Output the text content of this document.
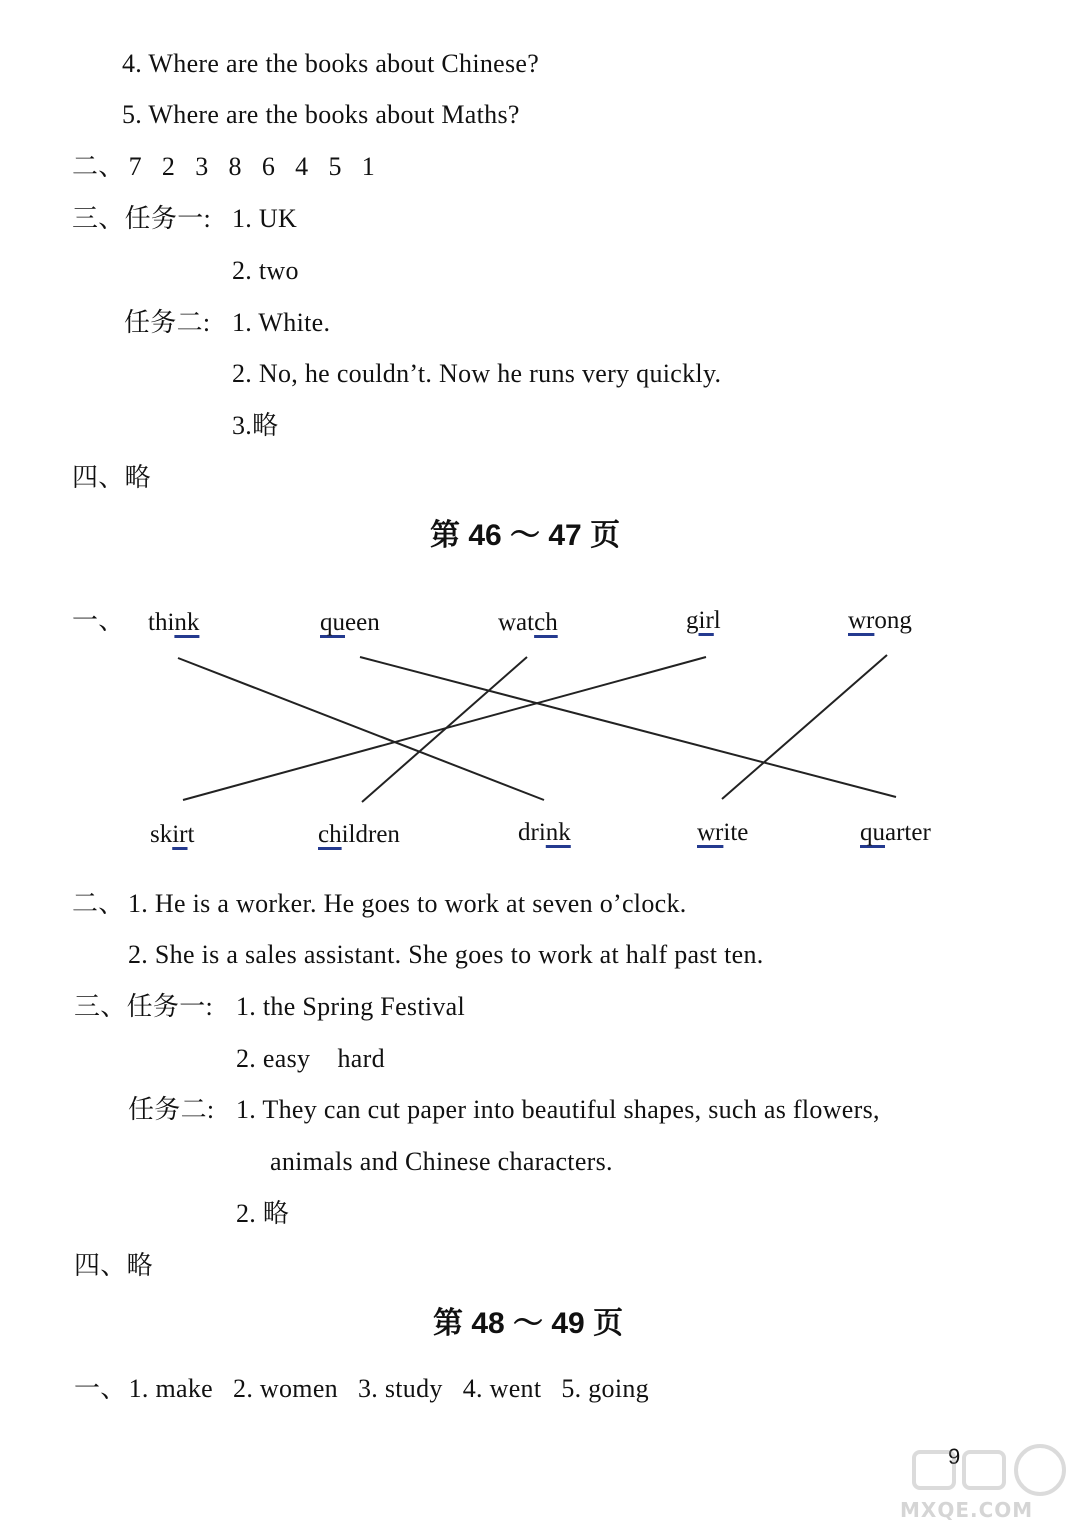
4. Where are the books about Chinese?
5. Where are the books about Maths?
二、 7 2 3 8 6 4 5 1
三、任务一: 1. UK
2. two
任务二: 1. White.
2. No, he couldn’t. Now he runs very quickly.
3.略
四、略
第 46 ～ 47 页
一、 think	queen	watch	girl	wrong
skirt	children	drink	write	quarter
二、 1. He is a worker. He goes to work at seven o’clock.
2. She is a sales assistant. She goes to work at half past ten.
三、任务一: 1. the Spring Festival
2. easy    hard
任务二: 1. They can cut paper into beautiful shapes, such as flowers,
animals and Chinese characters.
2. 略
四、略
第 48 ～ 49 页
一、1. make 2. women 3. study 4. went 5. going
9
MXQE.COM
